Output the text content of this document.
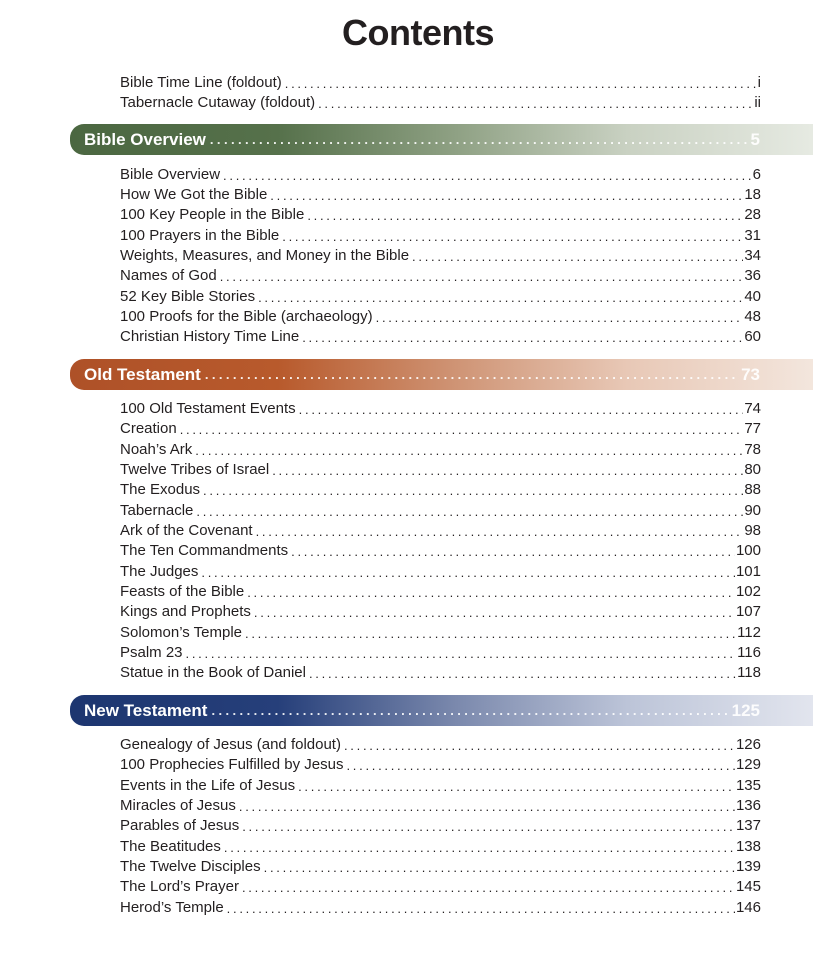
Contents
Bible Time Line (foldout) . . .	i
Tabernacle Cutaway (foldout) . . .	ii
Bible Overview . . .	5
Bible Overview . . .	6
How We Got the Bible . . .	18
100 Key People in the Bible . . .	28
100 Prayers in the Bible . . .	31
Weights, Measures, and Money in the Bible . . .	34
Names of God . . .	36
52 Key Bible Stories . . .	40
100 Proofs for the Bible (archaeology) . . .	48
Christian History Time Line . . .	60
Old Testament . . .	73
100 Old Testament Events . . .	74
Creation . . .	77
Noah’s Ark . . .	78
Twelve Tribes of Israel . . .	80
The Exodus . . .	88
Tabernacle . . .	90
Ark of the Covenant . . .	98
The Ten Commandments . . .	100
The Judges . . .	101
Feasts of the Bible . . .	102
Kings and Prophets . . .	107
Solomon’s Temple . . .	112
Psalm 23 . . .	116
Statue in the Book of Daniel . . .	118
New Testament . . .	125
Genealogy of Jesus (and foldout) . . .	126
100 Prophecies Fulfilled by Jesus . . .	129
Events in the Life of Jesus . . .	135
Miracles of Jesus . . .	136
Parables of Jesus . . .	137
The Beatitudes . . .	138
The Twelve Disciples . . .	139
The Lord’s Prayer . . .	145
Herod’s Temple . . .	146
